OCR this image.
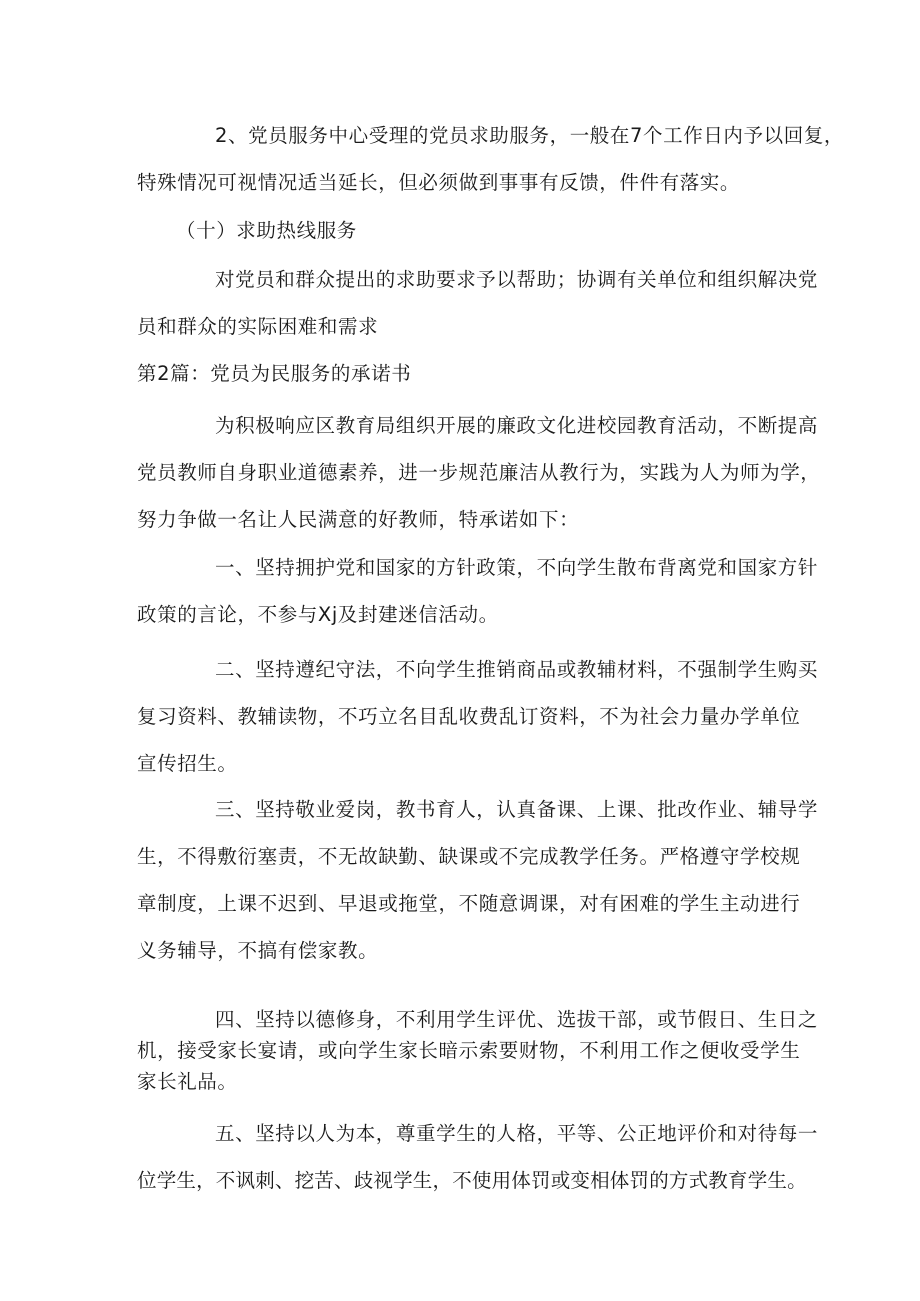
2、党员服务中心受理的党员求助服务，一般在7个工作日内予以回复，
特殊情况可视情况适当延长，但必须做到事事有反馈，件件有落实。
（十）求助热线服务
对党员和群众提出的求助要求予以帮助；协调有关单位和组织解决党
员和群众的实际困难和需求
第2篇：党员为民服务的承诺书
为积极响应区教育局组织开展的廉政文化进校园教育活动，不断提高
党员教师自身职业道德素养，进一步规范廉洁从教行为，实践为人为师为学，
努力争做一名让人民满意的好教师，特承诺如下：
一、坚持拥护党和国家的方针政策，不向学生散布背离党和国家方针
政策的言论，不参与Xj及封建迷信活动。
二、坚持遵纪守法，不向学生推销商品或教辅材料，不强制学生购买
复习资料、教辅读物，不巧立名目乱收费乱订资料，不为社会力量办学单位
宣传招生。
三、坚持敬业爱岗，教书育人，认真备课、上课、批改作业、辅导学
生，不得敷衍塞责，不无故缺勤、缺课或不完成教学任务。严格遵守学校规
章制度，上课不迟到、早退或拖堂，不随意调课，对有困难的学生主动进行
义务辅导，不搞有偿家教。
四、坚持以德修身，不利用学生评优、选拔干部，或节假日、生日之
机，接受家长宴请，或向学生家长暗示索要财物，不利用工作之便收受学生
家长礼品。
五、坚持以人为本，尊重学生的人格，平等、公正地评价和对待每一
位学生，不讽刺、挖苦、歧视学生，不使用体罚或变相体罚的方式教育学生。
